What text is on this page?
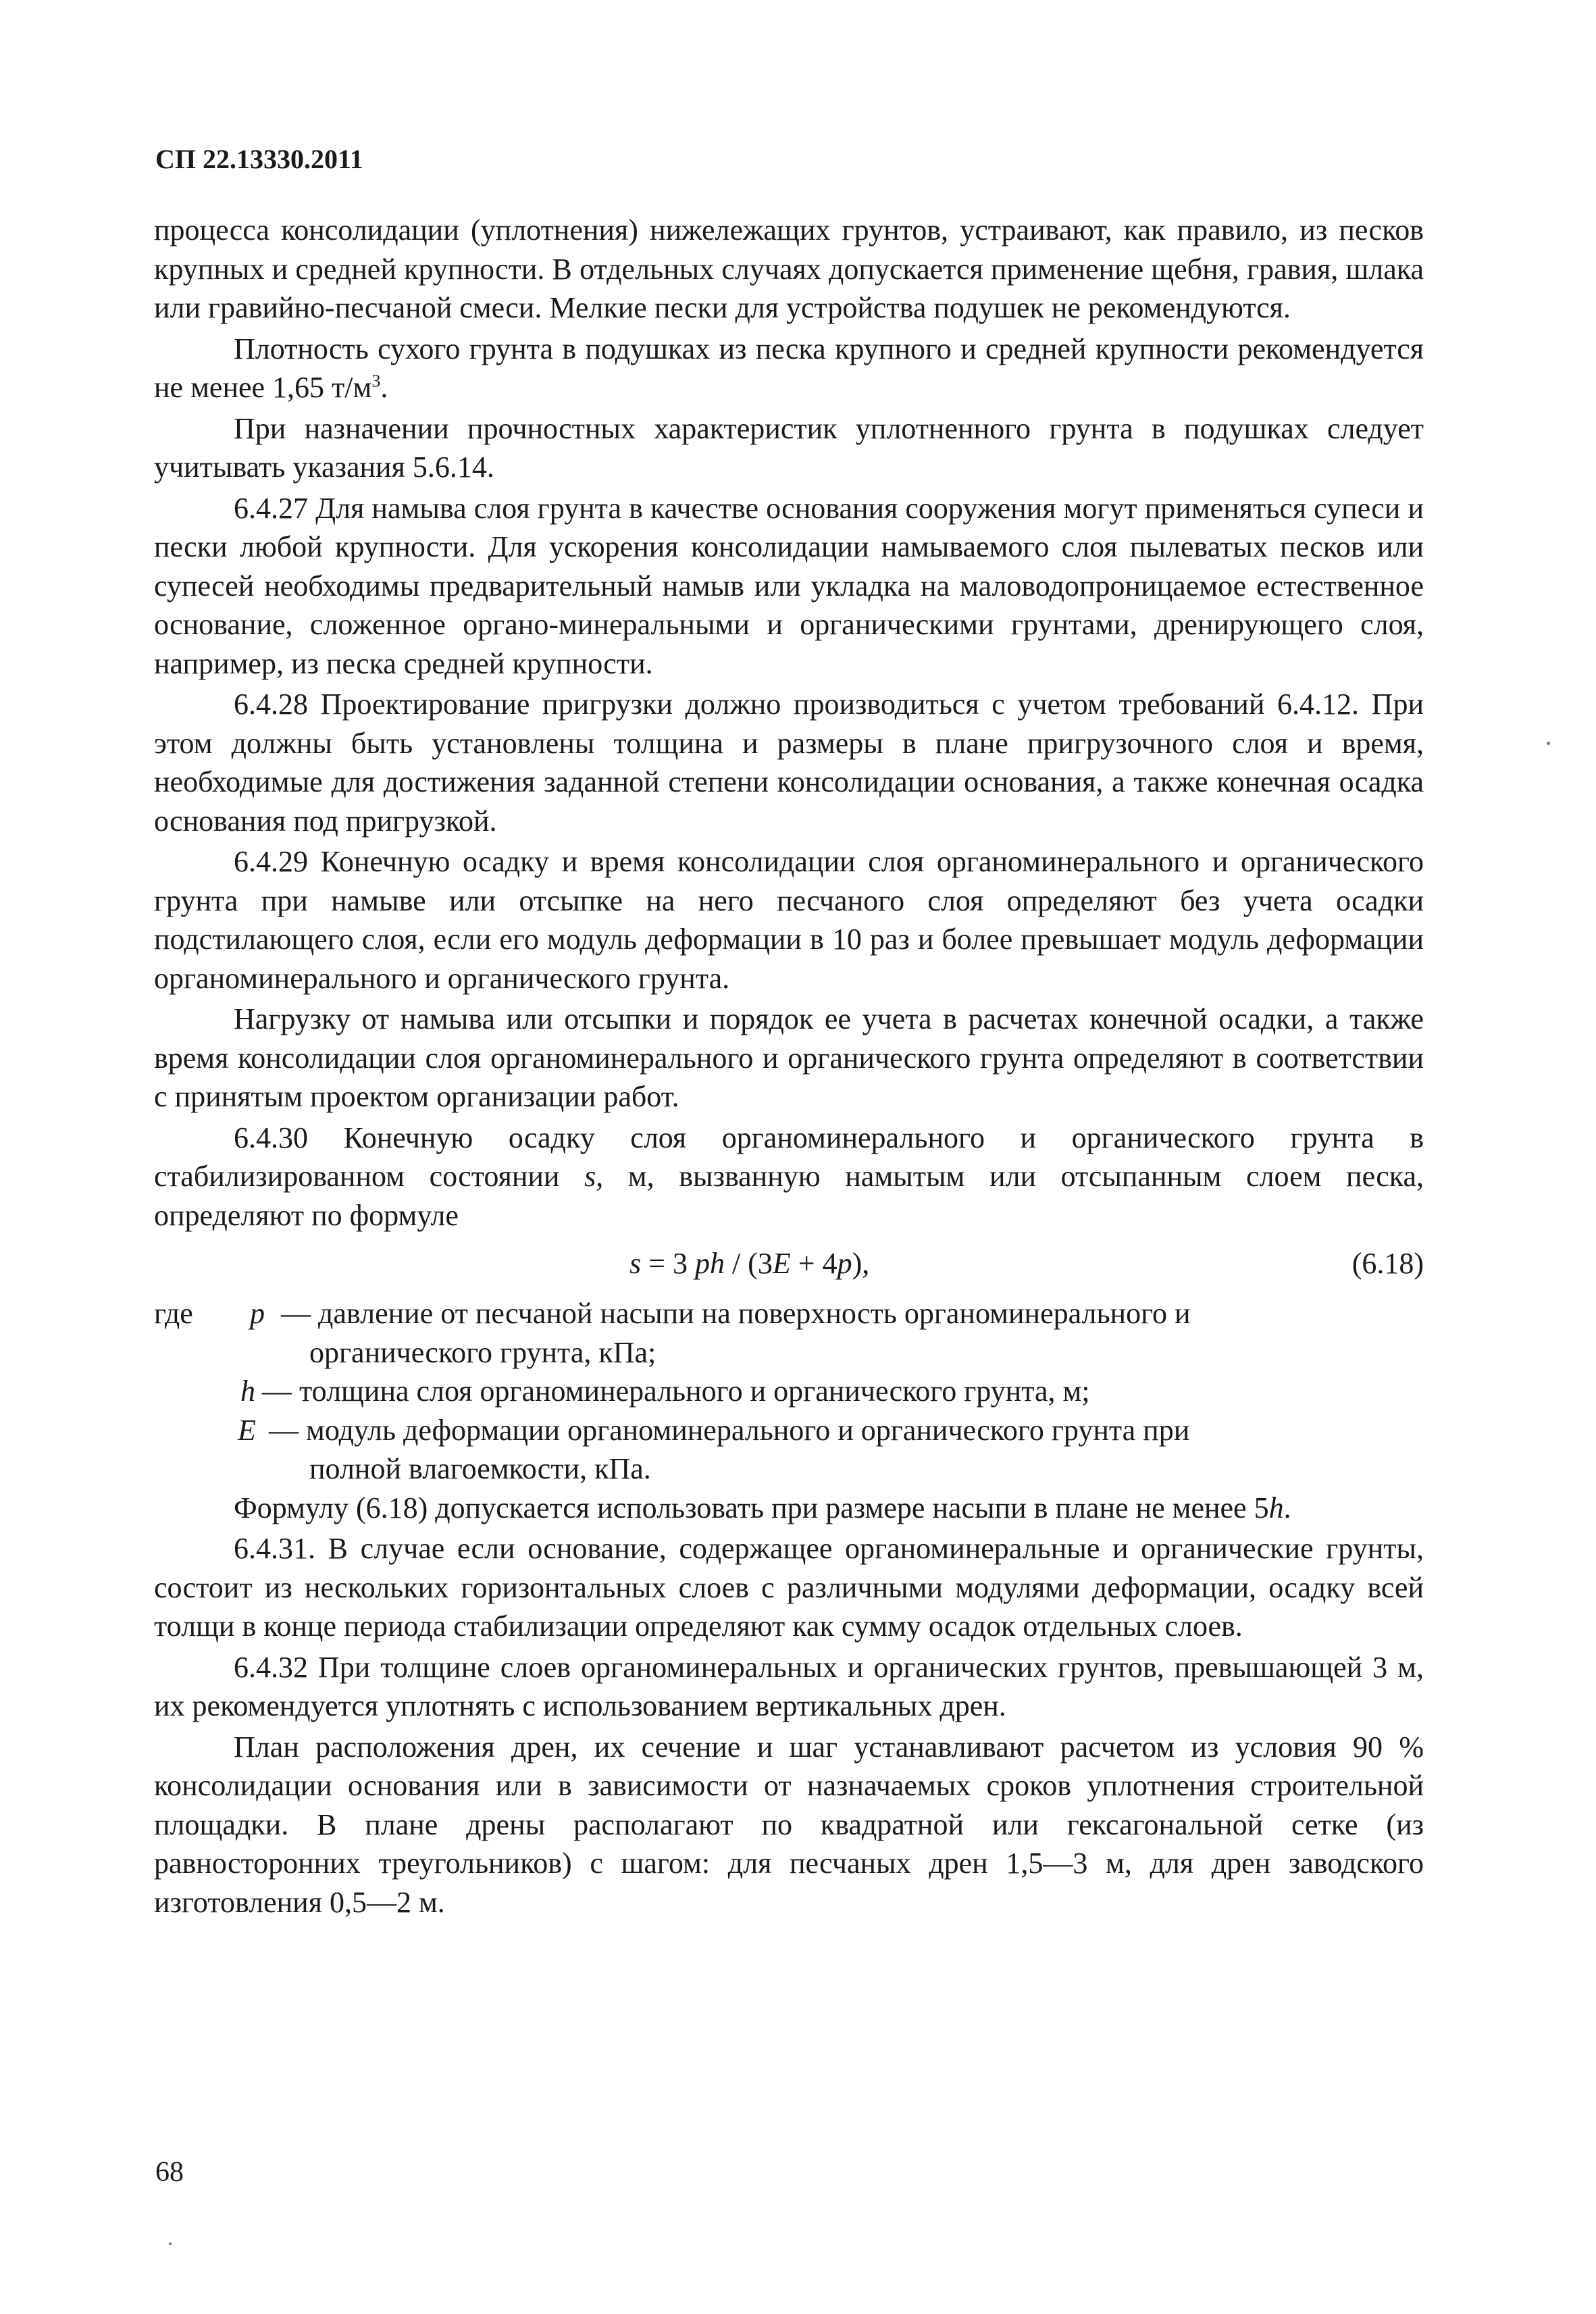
СП 22.13330.2011

процесса консолидации (уплотнения) нижележащих грунтов, устраивают, как правило, из песков крупных и средней крупности. В отдельных случаях допускается применение щебня, гравия, шлака или гравийно-песчаной смеси. Мелкие пески для устройства подушек не рекомендуются.

Плотность сухого грунта в подушках из песка крупного и средней крупности рекомендуется не менее 1,65 $т/м^3$.

При назначении прочностных характеристик уплотненного грунта в подушках следует учитывать указания 5.6.14.

6.4.27 Для намыва слоя грунта в качестве основания сооружения могут применяться супеси и пески любой крупности. Для ускорения консолидации намываемого слоя пылеватых песков или супесей необходимы предварительный намыв или укладка на маловодопроницаемое естественное основание, сложенное органо-минеральными и органическими грунтами, дренирующего слоя, например, из песка средней крупности.

6.4.28 Проектирование пригрузки должно производиться с учетом требований 6.4.12. При этом должны быть установлены толщина и размеры в плане пригрузочного слоя и время, необходимые для достижения заданной степени консолидации основания, а также конечная осадка основания под пригрузкой.

6.4.29 Конечную осадку и время консолидации слоя органоминерального и органического грунта при намыве или отсыпке на него песчаного слоя определяют без учета осадки подстилающего слоя, если его модуль деформации в 10 раз и более превышает модуль деформации органоминерального и органического грунта.

Нагрузку от намыва или отсыпки и порядок ее учета в расчетах конечной осадки, а также время консолидации слоя органоминерального и органического грунта определяют в соответствии с принятым проектом организации работ.

6.4.30 Конечную осадку слоя органоминерального и органического грунта в стабилизированном состоянии s, м, вызванную намытым или отсыпанным слоем песка, определяют по формуле

s = 3 ph / (3E + 4p),	(6.18)
где p — давление от песчаной насыпи на поверхность органоминерального и
органического грунта, кПа;
h — толщина слоя органоминерального и органического грунта, м;
E — модуль деформации органоминерального и органического грунта при
полной влагоемкости, кПа.

Формулу (6.18) допускается использовать при размере насыпи в плане не менее 5h.

6.4.31. В случае если основание, содержащее органоминеральные и органические грунты, состоит из нескольких горизонтальных слоев с различными модулями деформации, осадку всей толщи в конце периода стабилизации определяют как сумму осадок отдельных слоев.

6.4.32 При толщине слоев органоминеральных и органических грунтов, превышающей 3 м, их рекомендуется уплотнять с использованием вертикальных дрен.

План расположения дрен, их сечение и шаг устанавливают расчетом из условия 90 % консолидации основания или в зависимости от назначаемых сроков уплотнения строительной площадки. В плане дрены располагают по квадратной или гексагональной сетке (из равносторонних треугольников) с шагом: для песчаных дрен 1,5—3 м, для дрен заводского изготовления 0,5—2 м.

68
